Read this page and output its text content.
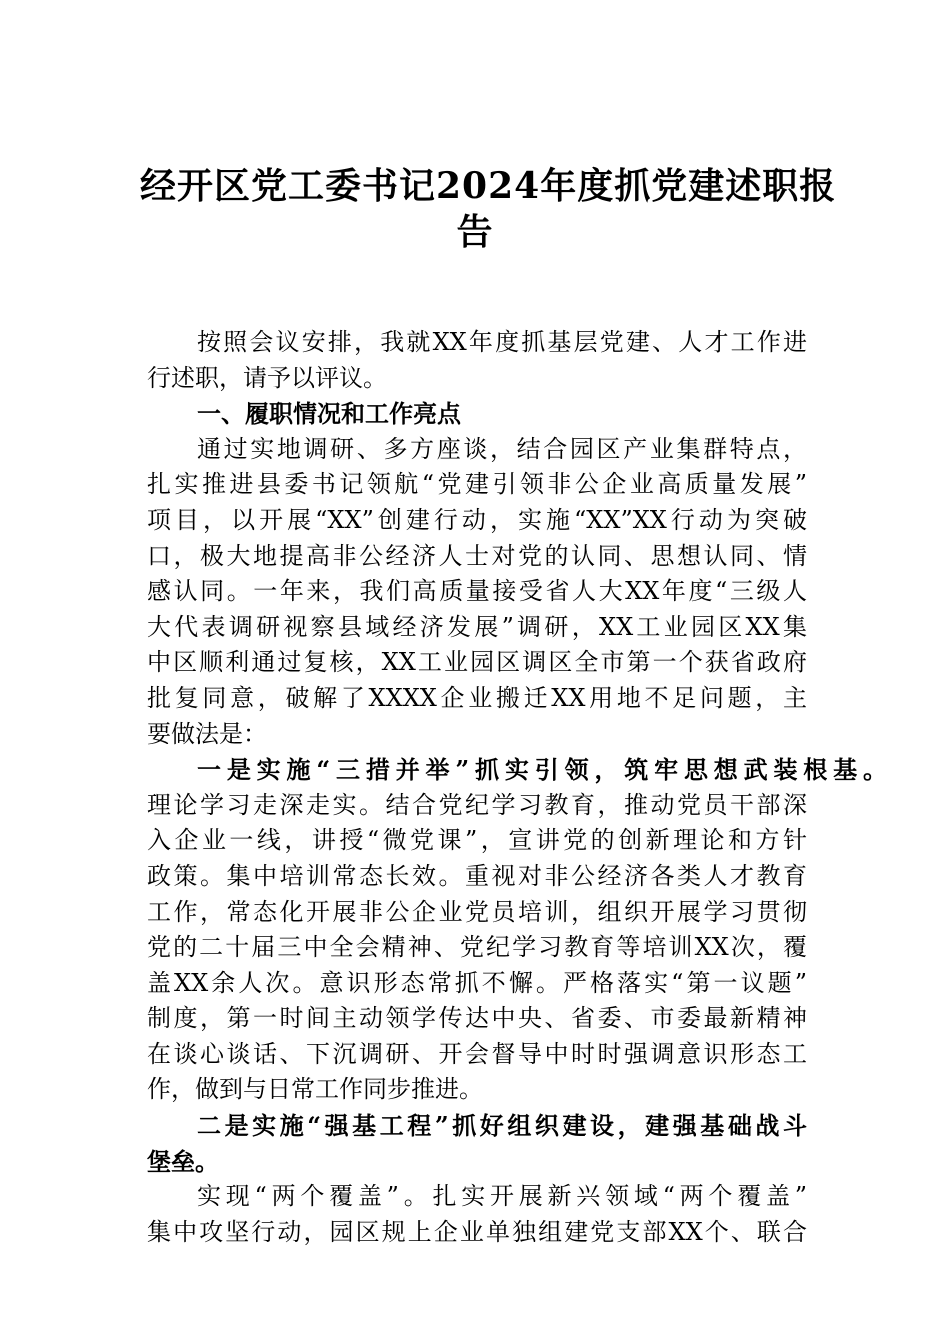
经开区党工委书记2024年度抓党建述职报
告
按照会议安排，我就XX年度抓基层党建、人才工作进
行述职，请予以评议。
一、履职情况和工作亮点
通过实地调研、多方座谈，结合园区产业集群特点，
扎实推进县委书记领航“党建引领非公企业高质量发展”
项目，以开展“XX”创建行动，实施“XX”XX行动为突破
口，极大地提高非公经济人士对党的认同、思想认同、情
感认同。一年来，我们高质量接受省人大XX年度“三级人
大代表调研视察县域经济发展”调研，XX工业园区XX集
中区顺利通过复核，XX工业园区调区全市第一个获省政府
批复同意，破解了XXXX企业搬迁XX用地不足问题，主
要做法是：
一是实施“三措并举”抓实引领，筑牢思想武装根基。
理论学习走深走实。结合党纪学习教育，推动党员干部深
入企业一线，讲授“微党课”，宣讲党的创新理论和方针
政策。集中培训常态长效。重视对非公经济各类人才教育
工作，常态化开展非公企业党员培训，组织开展学习贯彻
党的二十届三中全会精神、党纪学习教育等培训XX次，覆
盖XX余人次。意识形态常抓不懈。严格落实“第一议题”
制度，第一时间主动领学传达中央、省委、市委最新精神
在谈心谈话、下沉调研、开会督导中时时强调意识形态工
作，做到与日常工作同步推进。
二是实施“强基工程”抓好组织建设，建强基础战斗
堡垒。
实现“两个覆盖”。扎实开展新兴领域“两个覆盖”
集中攻坚行动，园区规上企业单独组建党支部XX个、联合
